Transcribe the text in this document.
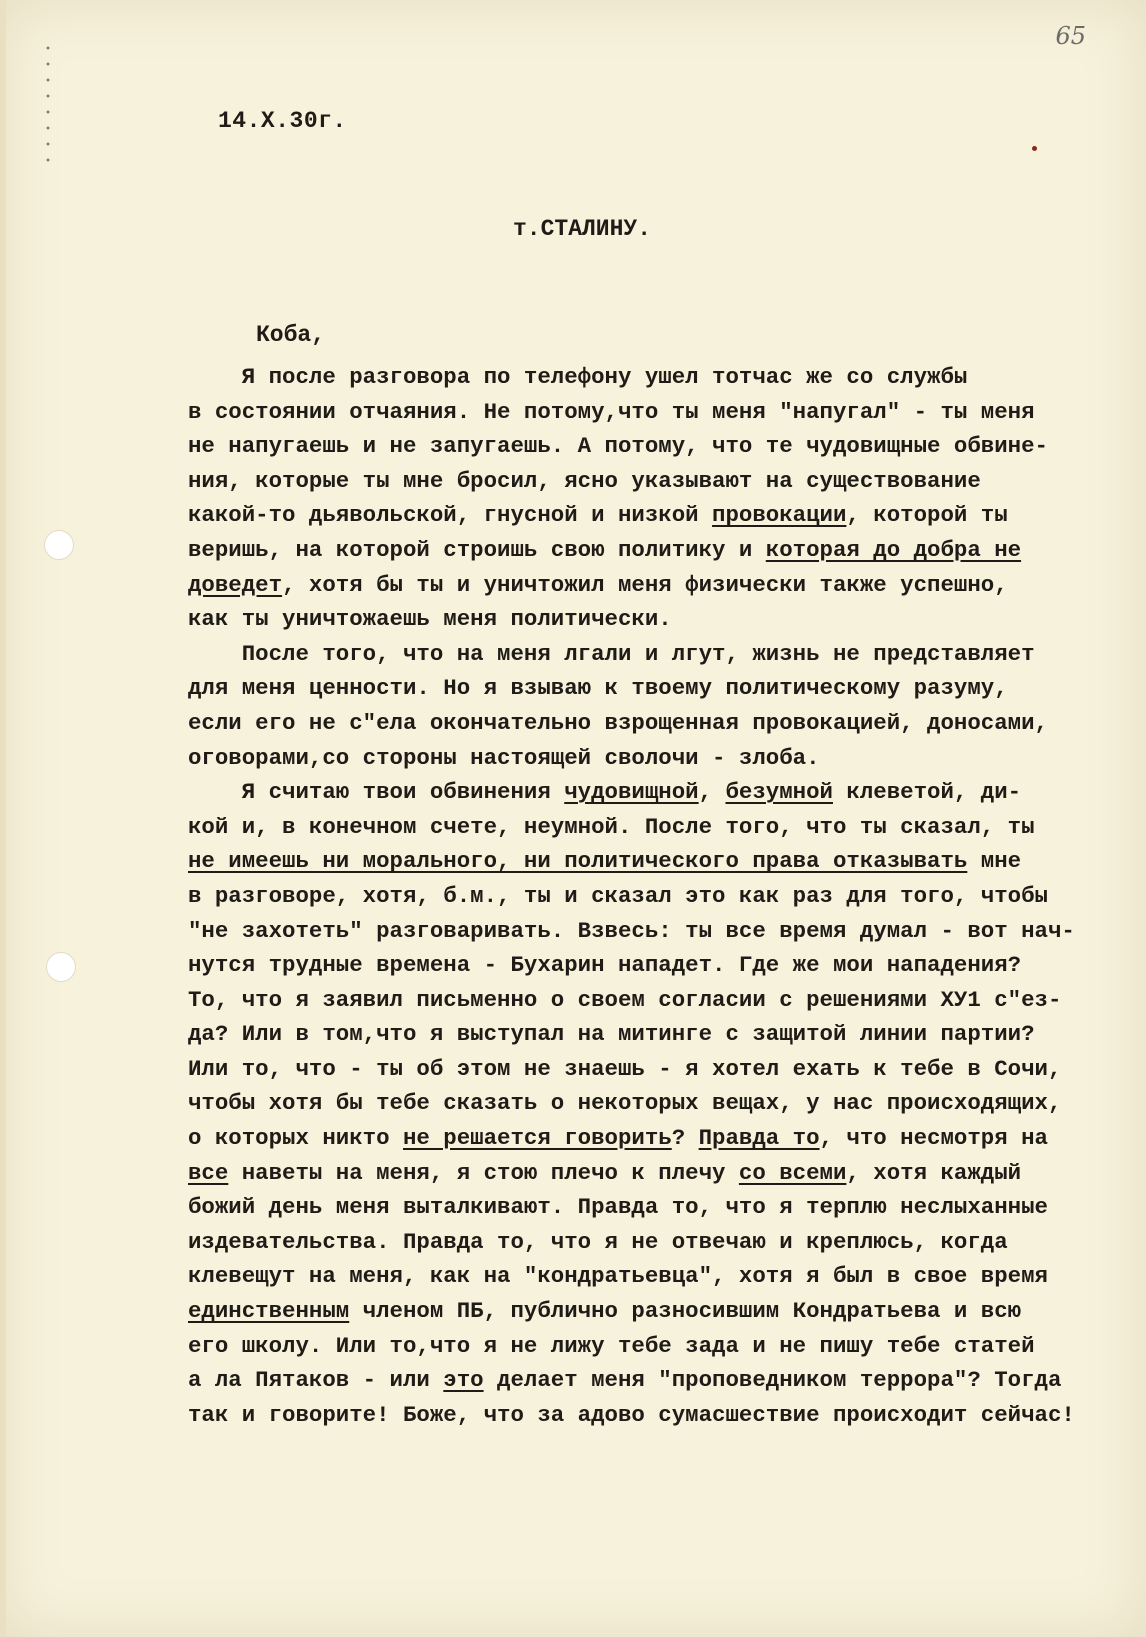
65
14.X.30г.
т.СТАЛИНУ.
Коба,
Я после разговора по телефону ушел тотчас же со службы
в состоянии отчаяния. Не потому,что ты меня "напугал" - ты меня
не напугаешь и не запугаешь. А потому, что те чудовищные обвине-
ния, которые ты мне бросил, ясно указывают на существование
какой-то дьявольской, гнусной и низкой провокации, которой ты
веришь, на которой строишь свою политику и которая до добра не
доведет, хотя бы ты и уничтожил меня физически также успешно,
как ты уничтожаешь меня политически.
После того, что на меня лгали и лгут, жизнь не представляет
для меня ценности. Но я взываю к твоему политическому разуму,
если его не с"ела окончательно взрощенная провокацией, доносами,
оговорами,со стороны настоящей сволочи - злоба.
Я считаю твои обвинения чудовищной, безумной клеветой, ди-
кой и, в конечном счете, неумной. После того, что ты сказал, ты
не имеешь ни морального, ни политического права отказывать мне
в разговоре, хотя, б.м., ты и сказал это как раз для того, чтобы
"не захотеть" разговаривать. Взвесь: ты все время думал - вот нач-
нутся трудные времена - Бухарин нападет. Где же мои нападения?
То, что я заявил письменно о своем согласии с решениями ХУ1 с"ез-
да? Или в том,что я выступал на митинге с защитой линии партии?
Или то, что - ты об этом не знаешь - я хотел ехать к тебе в Сочи,
чтобы хотя бы тебе сказать о некоторых вещах, у нас происходящих,
о которых никто не решается говорить? Правда то, что несмотря на
все наветы на меня, я стою плечо к плечу со всеми, хотя каждый
божий день меня выталкивают. Правда то, что я терплю неслыханные
издевательства. Правда то, что я не отвечаю и креплюсь, когда
клевещут на меня, как на "кондратьевца", хотя я был в свое время
единственным членом ПБ, публично разносившим Кондратьева и всю
его школу. Или то,что я не лижу тебе зада и не пишу тебе статей
а ла Пятаков - или это делает меня "проповедником террора"? Тогда
так и говорите! Боже, что за адово сумасшествие происходит сейчас!
